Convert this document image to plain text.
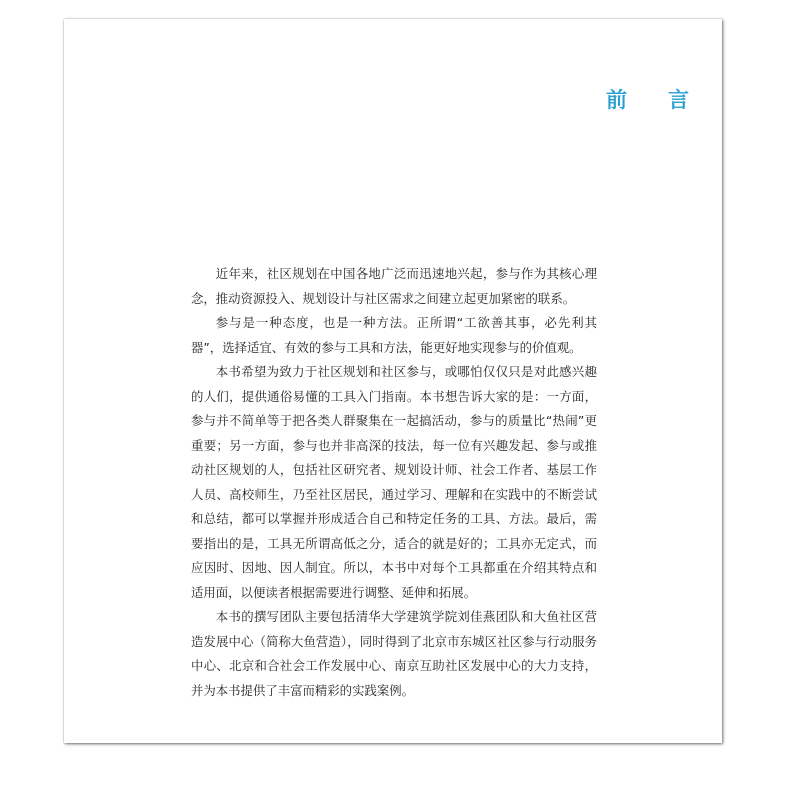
前　言

近年来，社区规划在中国各地广泛而迅速地兴起，参与作为其核心理念，推动资源投入、规划设计与社区需求之间建立起更加紧密的联系。

参与是一种态度，也是一种方法。正所谓“工欲善其事，必先利其器”，选择适宜、有效的参与工具和方法，能更好地实现参与的价值观。

本书希望为致力于社区规划和社区参与，或哪怕仅仅只是对此感兴趣的人们，提供通俗易懂的工具入门指南。本书想告诉大家的是：一方面，参与并不简单等于把各类人群聚集在一起搞活动，参与的质量比“热闹”更重要；另一方面，参与也并非高深的技法，每一位有兴趣发起、参与或推动社区规划的人，包括社区研究者、规划设计师、社会工作者、基层工作人员、高校师生，乃至社区居民，通过学习、理解和在实践中的不断尝试和总结，都可以掌握并形成适合自己和特定任务的工具、方法。最后，需要指出的是，工具无所谓高低之分，适合的就是好的；工具亦无定式，而应因时、因地、因人制宜。所以，本书中对每个工具都重在介绍其特点和适用面，以便读者根据需要进行调整、延伸和拓展。

本书的撰写团队主要包括清华大学建筑学院刘佳燕团队和大鱼社区营造发展中心（简称大鱼营造），同时得到了北京市东城区社区参与行动服务中心、北京和合社会工作发展中心、南京互助社区发展中心的大力支持，并为本书提供了丰富而精彩的实践案例。
